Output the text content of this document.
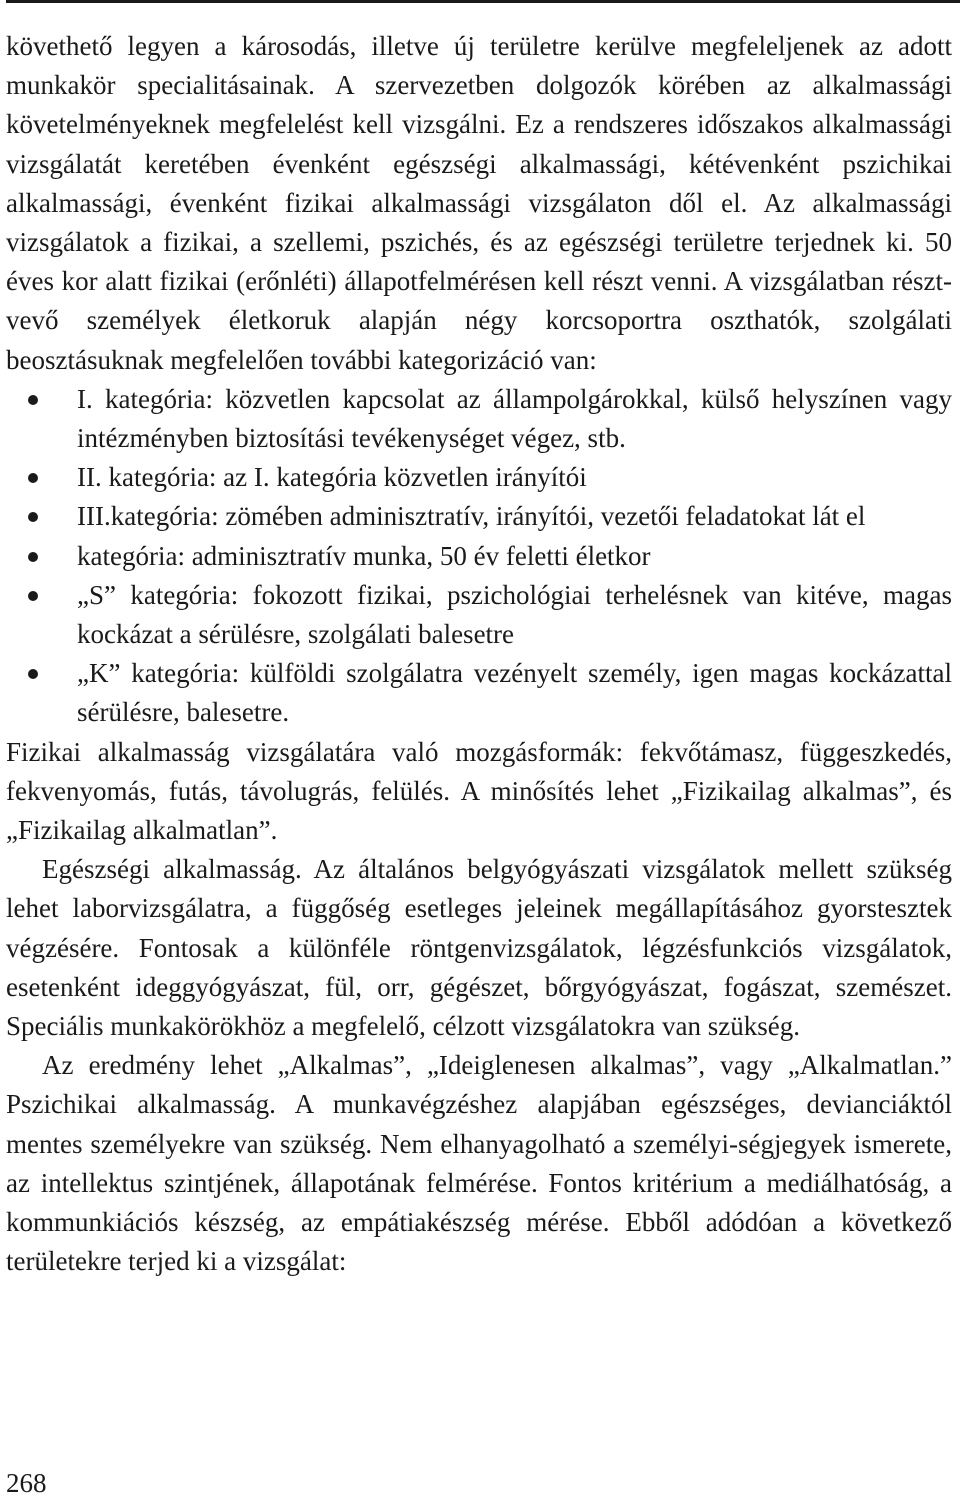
követhető legyen a károsodás, illetve új területre kerülve megfeleljenek az adott munkakör specialitásainak. A szervezetben dolgozók körében az alkalmassági követelményeknek megfelelést kell vizsgálni. Ez a rendszeres időszakos alkalmassági vizsgálatát keretében évenként egészségi alkalmassági, kétévenként pszichikai alkalmassági, évenként fizikai alkalmassági vizsgálaton dől el. Az alkalmassági vizsgálatok a fizikai, a szellemi, pszichés, és az egészségi területre terjednek ki. 50 éves kor alatt fizikai (erőnléti) állapotfelmérésen kell részt venni. A vizsgálatban résztvevő személyek életkoruk alapján négy korcsoportra oszthatók, szolgálati beosztásuknak megfelelően további kategorizáció van:

I. kategória: közvetlen kapcsolat az állampolgárokkal, külső helyszínen vagy intézményben biztosítási tevékenységet végez, stb.
II. kategória: az I. kategória közvetlen irányítói
III.kategória: zömében adminisztratív, irányítói, vezetői feladatokat lát el
kategória: adminisztratív munka, 50 év feletti életkor
„S” kategória: fokozott fizikai, pszichológiai terhelésnek van kitéve, magas kockázat a sérülésre, szolgálati balesetre
„K” kategória: külföldi szolgálatra vezényelt személy, igen magas kockázattal sérülésre, balesetre.

Fizikai alkalmasság vizsgálatára való mozgásformák: fekvőtámasz, függeszkedés, fekvenyomás, futás, távolugrás, felülés. A minősítés lehet „Fizikailag alkalmas”, és „Fizikailag alkalmatlan”.

Egészségi alkalmasság. Az általános belgyógyászati vizsgálatok mellett szükség lehet laborvizsgálatra, a függőség esetleges jeleinek megállapításához gyorstesztek végzésére. Fontosak a különféle röntgenvizsgálatok, légzésfunkciós vizsgálatok, esetenként ideggyógyászat, fül, orr, gégészet, bőrgyógyászat, fogászat, szemészet. Speciális munkakörökhöz a megfelelő, célzott vizsgálatokra van szükség.

Az eredmény lehet „Alkalmas”, „Ideiglenesen alkalmas”, vagy „Alkalmatlan.” Pszichikai alkalmasság. A munkavégzéshez alapjában egészséges, devianciáktól mentes személyekre van szükség. Nem elhanyagolható a személyi-ségjegyek ismerete, az intellektus szintjének, állapotának felmérése. Fontos kritérium a mediálhatóság, a kommunkiációs készség, az empátiakészség mérése. Ebből adódóan a következő területekre terjed ki a vizsgálat:

268
